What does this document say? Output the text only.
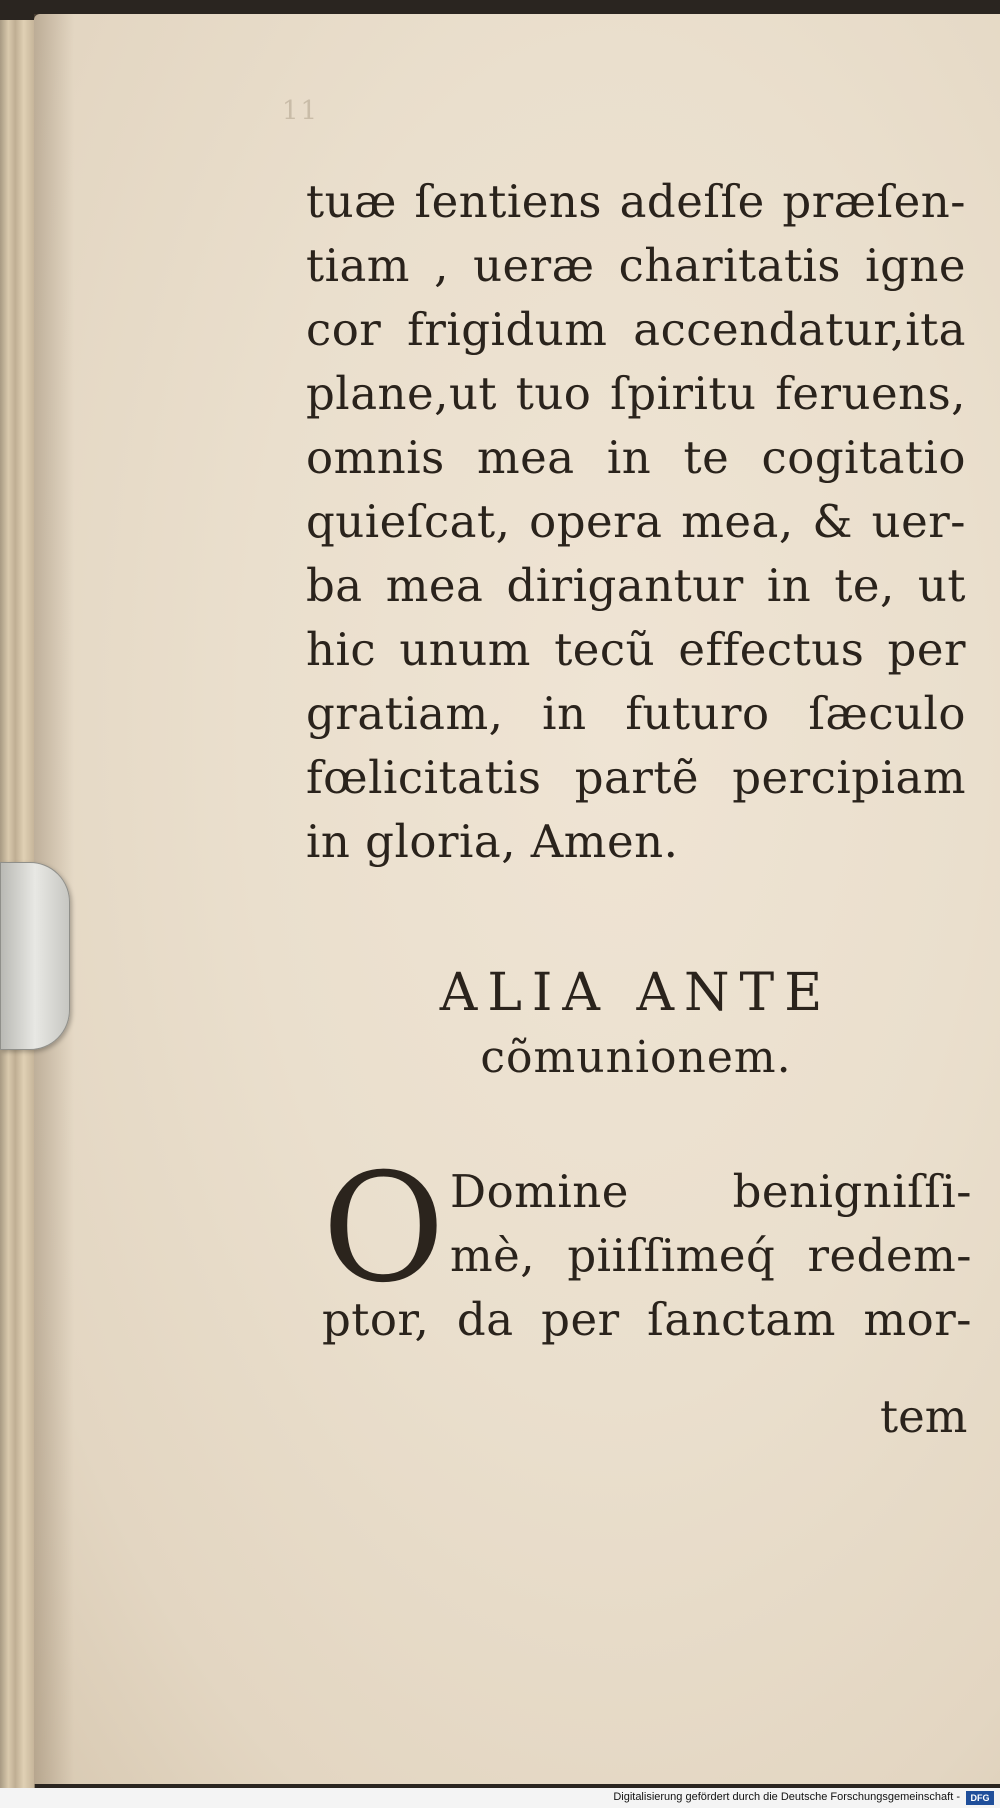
11
tuæ ſentiens adeſſe præſen-
tiam , ueræ charitatis igne
cor frigidum accendatur,ita
plane,ut tuo ſpiritu feruens,
omnis mea in te cogitatio
quieſcat, opera mea, & uer-
ba mea dirigantur in te, ut
hic unum tecũ effectus per
gratiam, in futuro ſæculo
fœlicitatis partẽ percipiam
in gloria, Amen.
ALIA ANTE
cõmunionem.
O Domine benigniſſi-
mè, piiſſimeq́ redem-
ptor, da per ſanctam mor-
tem
Digitalisierung gefördert durch die Deutsche Forschungsgemeinschaft -	DFG
